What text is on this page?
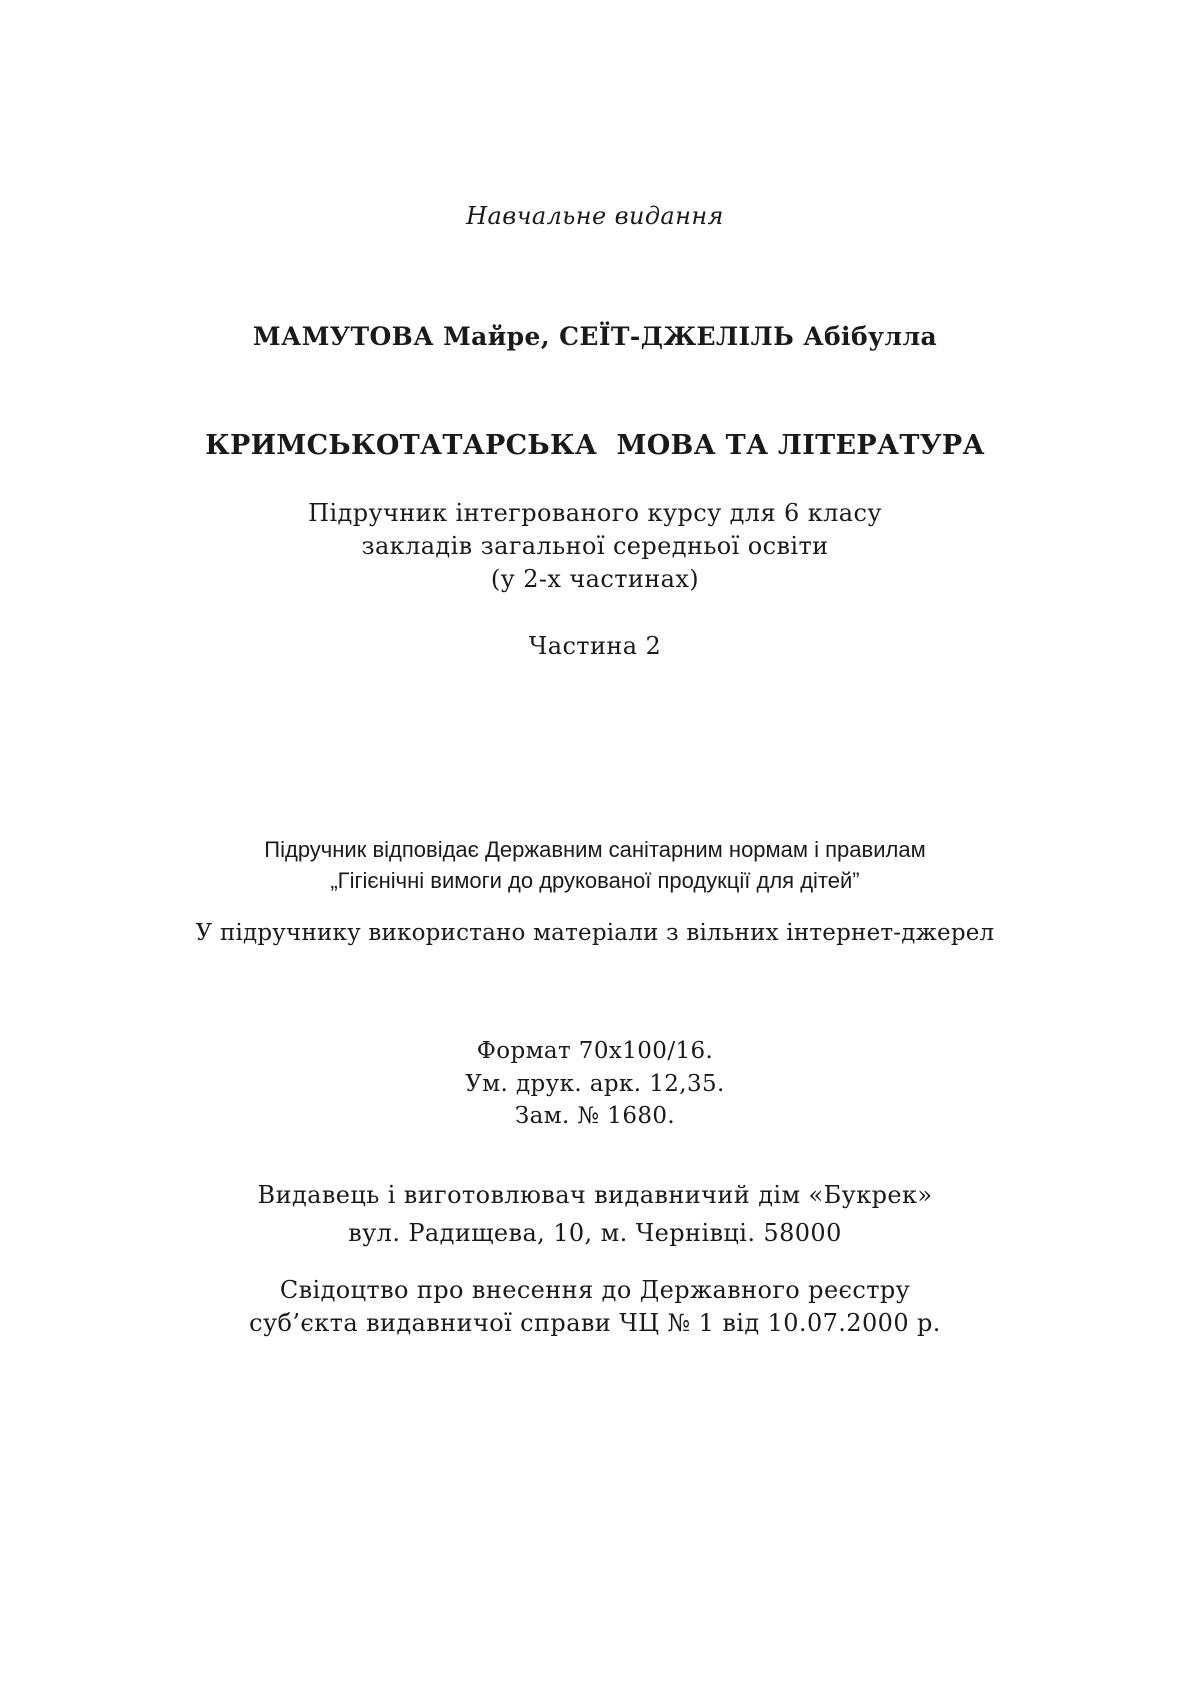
Навчальне видання
МАМУТОВА Майре, СЕЇТ-ДЖЕЛІЛЬ Абібулла
КРИМСЬКОТАТАРСЬКА  МОВА ТА ЛІТЕРАТУРА
Підручник інтегрованого курсу для 6 класу
закладів загальної середньої освіти
(у 2-х частинах)
Частина 2
Підручник відповідає Державним санітарним нормам і правилам
„Гігієнічні вимоги до друкованої продукції для дітей”
У підручнику використано матеріали з вільних інтернет-джерел
Формат 70х100/16.
Ум. друк. арк. 12,35.
Зам. № 1680.
Видавець і виготовлювач видавничий дім «Букрек»
вул. Радищева, 10, м. Чернівці. 58000
Свідоцтво про внесення до Державного реєстру
суб’єкта видавничої справи ЧЦ № 1 від 10.07.2000 р.
